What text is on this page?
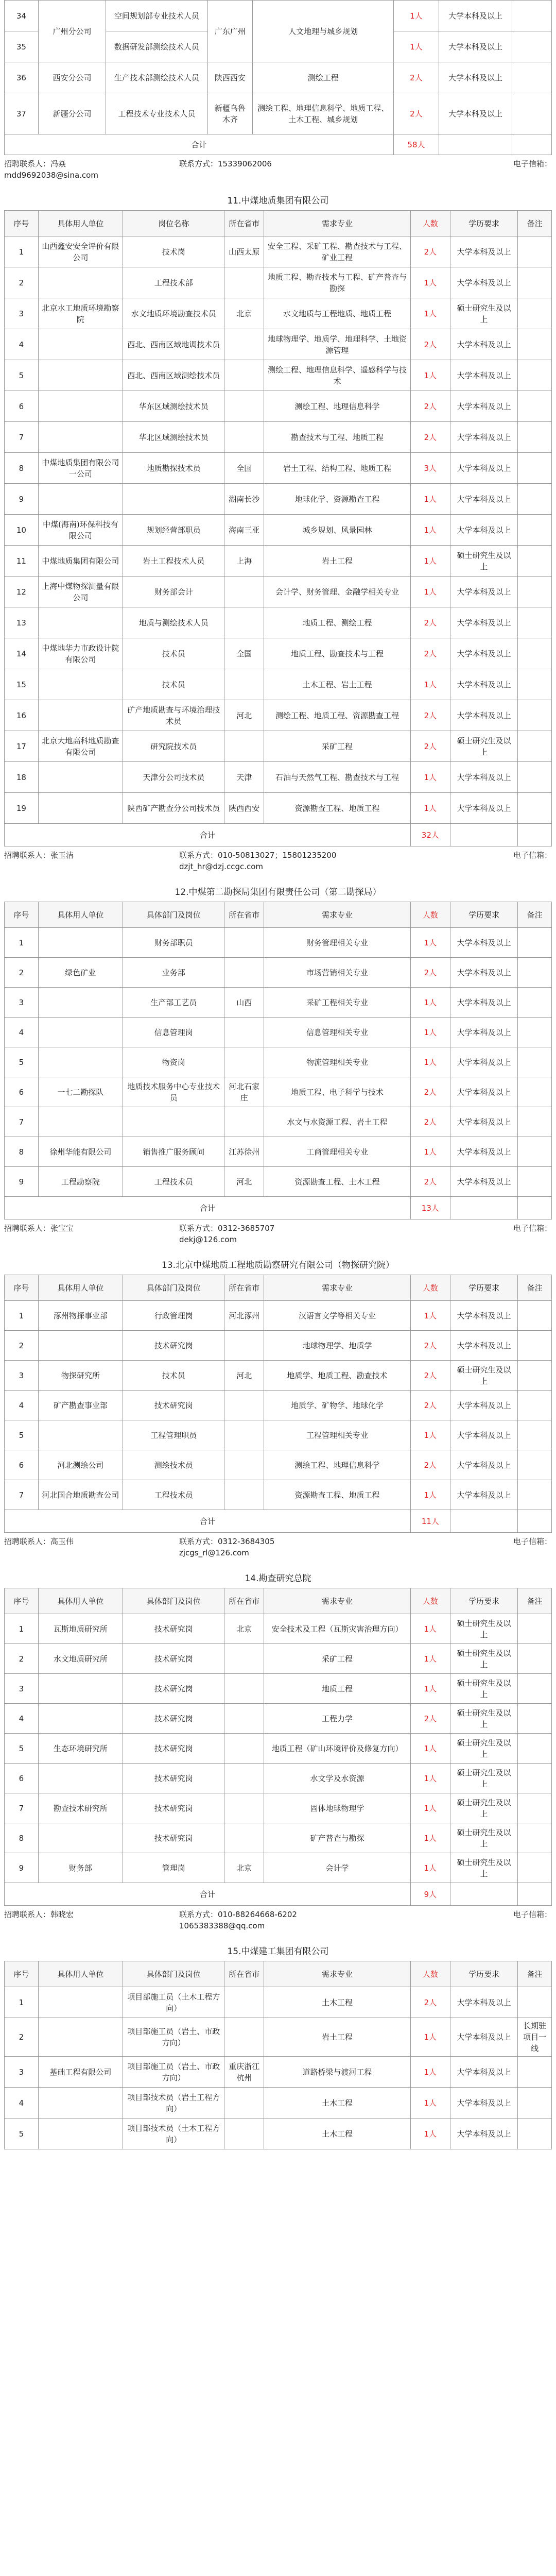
34	广州分公司	空间规划部专业技术人员	广东广州	人文地理与城乡规划	1人	大学本科及以上	
35		数据研发部测绘技术人员			1人	大学本科及以上	
36	西安分公司	生产技术部测绘技术人员	陕西西安	测绘工程	2人	大学本科及以上	
37	新疆分公司	工程技术专业技术人员	新疆乌鲁木齐	测绘工程、地理信息科学、地质工程、土木工程、城乡规划	2人	大学本科及以上	
合计					58人		
招聘联系人：冯焱
mdd9692038@sina.com
联系方式：15339062006	电子信箱：
11.中煤地质集团有限公司
序号	具体用人单位	岗位名称	所在省市	需求专业	人数	学历要求	备注
1	山西鑫安安全评价有限公司	技术岗	山西太原	安全工程、采矿工程、勘查技术与工程、矿业工程	2人	大学本科及以上	
2		工程技术部		地质工程、勘查技术与工程、矿产普查与勘探	1人	大学本科及以上	
3	北京水工地质环境勘察院	水文地质环境勘查技术员	北京	水文地质与工程地质、地质工程	1人	硕士研究生及以上	
4		西北、西南区域地调技术员		地球物理学、地质学、地理科学、土地资源管理	2人	大学本科及以上	
5		西北、西南区域测绘技术员		测绘工程、地理信息科学、遥感科学与技术	1人	大学本科及以上	
6		华东区域测绘技术员		测绘工程、地理信息科学	2人	大学本科及以上	
7		华北区域测绘技术员		勘查技术与工程、地质工程	2人	大学本科及以上	
8	中煤地质集团有限公司一公司	地质勘探技术员	全国	岩土工程、结构工程、地质工程	3人	大学本科及以上	
9			湖南长沙	地球化学、资源勘查工程	1人	大学本科及以上	
10	中煤(海南)环保科技有限公司	规划经营部职员	海南三亚	城乡规划、风景园林	1人	大学本科及以上	
11	中煤地质集团有限公司	岩土工程技术人员	上海	岩土工程	1人	硕士研究生及以上	
12	上海中煤物探测量有限公司	财务部会计		会计学、财务管理、金融学相关专业	1人	大学本科及以上	
13		地质与测绘技术人员		地质工程、测绘工程	2人	大学本科及以上	
14	中煤地华力市政设计院有限公司	技术员	全国	地质工程、勘查技术与工程	2人	大学本科及以上	
15		技术员		土木工程、岩土工程	1人	大学本科及以上	
16		矿产地质勘查与环境治理技术员	河北	测绘工程、地质工程、资源勘查工程	2人	大学本科及以上	
17	北京大地高科地质勘查有限公司	研究院技术员		采矿工程	2人	硕士研究生及以上	
18		天津分公司技术员	天津	石油与天然气工程、勘查技术与工程	1人	大学本科及以上	
19		陕西矿产勘查分公司技术员	陕西西安	资源勘查工程、地质工程	1人	大学本科及以上	
合计					32人		
招聘联系人：张玉洁	联系方式：010-50813027；15801235200
dzjt_hr@dzj.ccgc.com
电子信箱：
12.中煤第二勘探局集团有限责任公司（第二勘探局）
序号	具体用人单位	具体部门及岗位	所在省市	需求专业	人数	学历要求	备注
1		财务部职员		财务管理相关专业	1人	大学本科及以上	
2	绿色矿业	业务部		市场营销相关专业	2人	大学本科及以上	
3		生产部工艺员	山西	采矿工程相关专业	1人	大学本科及以上	
4		信息管理岗		信息管理相关专业	1人	大学本科及以上	
5		物资岗		物流管理相关专业	1人	大学本科及以上	
6	一七二勘探队	地质技术服务中心专业技术员	河北石家庄	地质工程、电子科学与技术	2人	大学本科及以上	
7				水文与水资源工程、岩土工程	2人	大学本科及以上	
8	徐州华能有限公司	销售推广服务顾问	江苏徐州	工商管理相关专业	1人	大学本科及以上	
9	工程勘察院	工程技术员	河北	资源勘查工程、土木工程	2人	大学本科及以上	
合计					13人		
招聘联系人：张宝宝	联系方式：0312-3685707
dekj@126.com
电子信箱：
13.北京中煤地质工程地质勘察研究有限公司（物探研究院）
序号	具体用人单位	具体部门及岗位	所在省市	需求专业	人数	学历要求	备注
1	涿州物探事业部	行政管理岗	河北涿州	汉语言文学等相关专业	1人	大学本科及以上	
2		技术研究岗		地球物理学、地质学	2人	大学本科及以上	
3	物探研究所	技术员	河北	地质学、地质工程、勘查技术	2人	硕士研究生及以上	
4	矿产勘查事业部	技术研究岗		地质学、矿物学、地球化学	2人	大学本科及以上	
5		工程管理职员		工程管理相关专业	1人	大学本科及以上	
6	河北测绘公司	测绘技术员		测绘工程、地理信息科学	2人	大学本科及以上	
7	河北国合地质勘查公司	工程技术员		资源勘查工程、地质工程	1人	大学本科及以上	
合计					11人		
招聘联系人：高玉伟	联系方式：0312-3684305
zjcgs_rl@126.com
电子信箱：
14.勘查研究总院
序号	具体用人单位	具体部门及岗位	所在省市	需求专业	人数	学历要求	备注
1	瓦斯地质研究所	技术研究岗	北京	安全技术及工程（瓦斯灾害治理方向）	1人	硕士研究生及以上	
2	水文地质研究所	技术研究岗		采矿工程	1人	硕士研究生及以上	
3		技术研究岗		地质工程	1人	硕士研究生及以上	
4		技术研究岗		工程力学	2人	硕士研究生及以上	
5	生态环境研究所	技术研究岗		地质工程（矿山环境评价及修复方向）	1人	硕士研究生及以上	
6		技术研究岗		水文学及水资源	1人	硕士研究生及以上	
7	勘查技术研究所	技术研究岗		固体地球物理学	1人	硕士研究生及以上	
8		技术研究岗		矿产普查与勘探	1人	硕士研究生及以上	
9	财务部	管理岗	北京	会计学	1人	硕士研究生及以上	
合计					9人		
招聘联系人：韩晓宏	联系方式：010-88264668-6202
1065383388@qq.com
电子信箱：
15.中煤建工集团有限公司
序号	具体用人单位	具体部门及岗位	所在省市	需求专业	人数	学历要求	备注
1		项目部施工员（土木工程方向）		土木工程	2人	大学本科及以上	
2		项目部施工员（岩土、市政方向）		岩土工程	1人	大学本科及以上	长期驻项目一线
3	基础工程有限公司	项目部施工员（岩土、市政方向）	重庆浙江杭州	道路桥梁与渡河工程	1人	大学本科及以上	
4		项目部技术员（岩土工程方向）		土木工程	1人	大学本科及以上	
5		项目部技术员（土木工程方向）		土木工程	1人	大学本科及以上	
